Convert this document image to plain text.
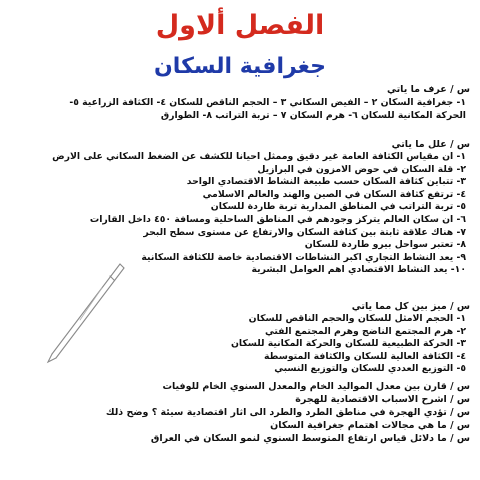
الفصل ألاول
جغرافية السكان
س / عرف ما ياتي
١- جغرافية السكان ٢ – الفيض السكاني ٣ – الحجم الناقص للسكان ٤- الكثافة الزراعية ٥-
الحركة المكانية للسكان ٦- هرم السكان ٧ – تربة التراتب ٨- الطوارق
س / علل ما ياتي
١- ان مقياس الكثافة العامة غير دقيق وممثل احيانا للكشف عن الضغط السكاني على الارض
٢- قلة السكان في حوض الامزون في البرازيل
٣- تتباين كثافة السكان حسب طبيعة النشاط الاقتصادي الواحد
٤- ترتفع كثافة السكان في الصين والهند والعالم الاسلامي
٥- تربة التراتب في المناطق المدارية تربة طاردة للسكان
٦- ان سكان العالم يتركز وجودهم في المناطق الساحلية ومسافة ٤٥٠ داخل القارات
٧- هناك علاقة ثابتة بين كثافة السكان والارتفاع عن مستوى سطح البحر
٨- تعتبر سواحل بيرو طاردة للسكان
٩- يعد النشاط التجاري اكبر النشاطات الاقتصادية خاصة للكثافة السكانية
١٠- يعد النشاط الاقتصادي اهم العوامل البشرية
س / ميز بين كل مما ياتي
١- الحجم الامثل للسكان والحجم الناقص للسكان
٢- هرم المجتمع الناضج وهرم المجتمع الفتي
٣- الحركة الطبيعية للسكان والحركة المكانية للسكان
٤- الكثافة العالية للسكان والكثافة المتوسطة
٥- التوزيع العددي للسكان والتوزيع النسبي
س / قارن بين معدل المواليد الخام والمعدل السنوي الخام للوفيات
س / اشرح الاسباب الاقتصادية للهجرة
س / تؤدي الهجرة في مناطق الطرد والطرد الى اثار اقتصادية سيئة ؟ وضح ذلك
س / ما هي مجالات اهتمام جغرافية السكان
س / ما دلائل قياس ارتفاع المتوسط السنوي لنمو السكان في العراق
